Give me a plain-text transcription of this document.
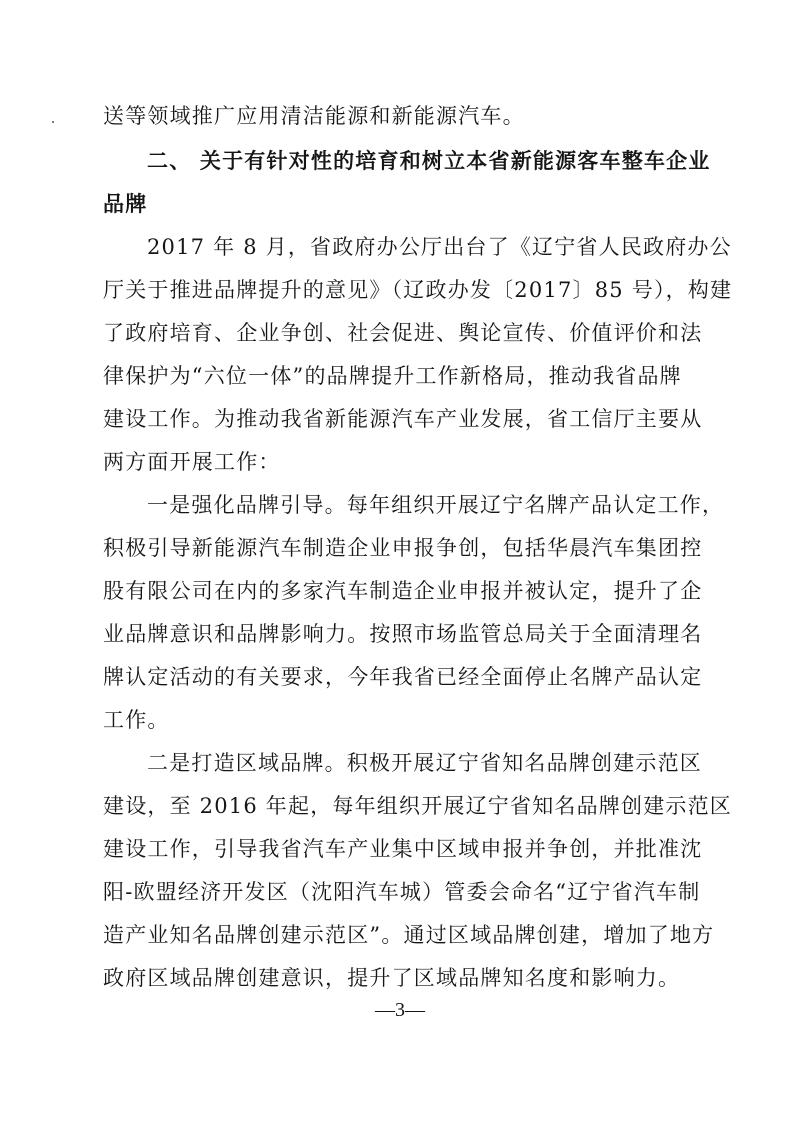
送等领域推广应用清洁能源和新能源汽车。
二、 关于有针对性的培育和树立本省新能源客车整车企业
品牌
2017 年 8 月，省政府办公厅出台了《辽宁省人民政府办公
厅关于推进品牌提升的意见》（辽政办发〔2017〕85 号），构建
了政府培育、企业争创、社会促进、舆论宣传、价值评价和法
律保护为“六位一体”的品牌提升工作新格局，推动我省品牌
建设工作。为推动我省新能源汽车产业发展，省工信厅主要从
两方面开展工作：
一是强化品牌引导。每年组织开展辽宁名牌产品认定工作，
积极引导新能源汽车制造企业申报争创，包括华晨汽车集团控
股有限公司在内的多家汽车制造企业申报并被认定，提升了企
业品牌意识和品牌影响力。按照市场监管总局关于全面清理名
牌认定活动的有关要求，今年我省已经全面停止名牌产品认定
工作。
二是打造区域品牌。积极开展辽宁省知名品牌创建示范区
建设，至 2016 年起，每年组织开展辽宁省知名品牌创建示范区
建设工作，引导我省汽车产业集中区域申报并争创，并批准沈
阳-欧盟经济开发区（沈阳汽车城）管委会命名“辽宁省汽车制
造产业知名品牌创建示范区”。通过区域品牌创建，增加了地方
政府区域品牌创建意识，提升了区域品牌知名度和影响力。
—3—
